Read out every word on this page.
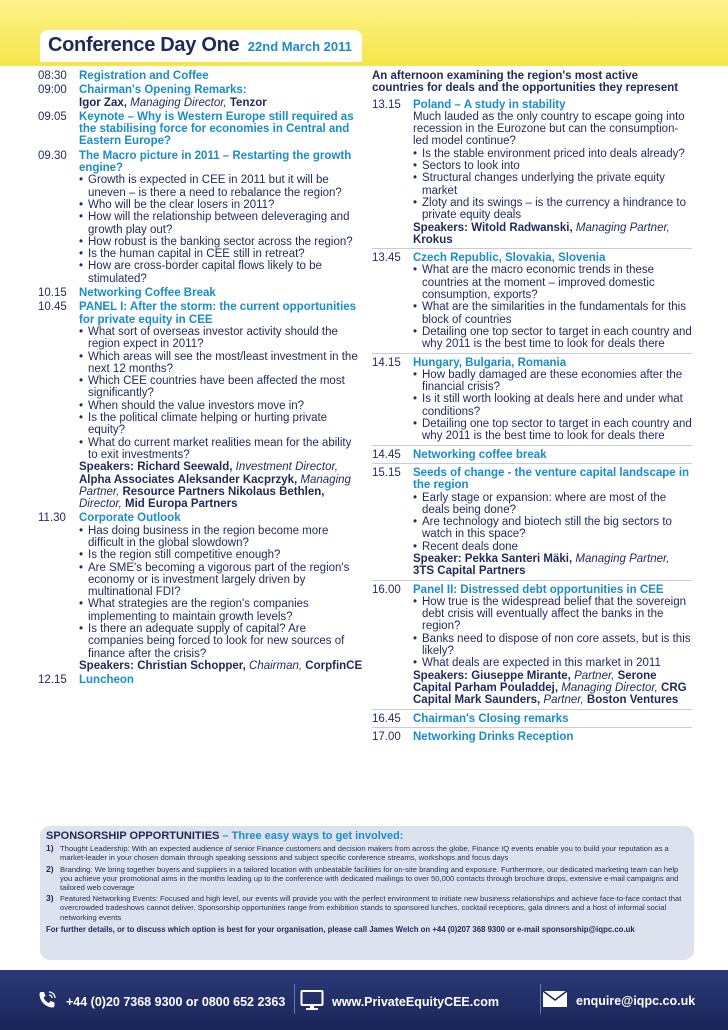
Conference Day One 22nd March 2011
08:30	Registration and Coffee
09:00	Chairman's Opening Remarks:
Igor Zax, Managing Director, Tenzor
09.05	Keynote – Why is Western Europe still required as the stabilising force for economies in Central and Eastern Europe?
09.30	The Macro picture in 2011 – Restarting the growth engine?
• Growth is expected in CEE in 2011 but it will be uneven – is there a need to rebalance the region?
• Who will be the clear losers in 2011?
• How will the relationship between deleveraging and growth play out?
• How robust is the banking sector across the region?
• Is the human capital in CEE still in retreat?
• How are cross-border capital flows likely to be stimulated?
10.15	Networking Coffee Break
10.45	PANEL I: After the storm: the current opportunities for private equity in CEE
• What sort of overseas investor activity should the region expect in 2011?
• Which areas will see the most/least investment in the next 12 months?
• Which CEE countries have been affected the most significantly?
• When should the value investors move in?
• Is the political climate helping or hurting private equity?
• What do current market realities mean for the ability to exit investments?
Speakers: Richard Seewald, Investment Director, Alpha Associates Aleksander Kacprzyk, Managing Partner, Resource Partners Nikolaus Bethlen, Director, Mid Europa Partners
11.30	Corporate Outlook
• Has doing business in the region become more difficult in the global slowdown?
• Is the region still competitive enough?
• Are SME's becoming a vigorous part of the region's economy or is investment largely driven by multinational FDI?
• What strategies are the region's companies implementing to maintain growth levels?
• Is there an adequate supply of capital? Are companies being forced to look for new sources of finance after the crisis?
Speakers: Christian Schopper, Chairman, CorpfinCE
12.15	Luncheon
An afternoon examining the region's most active countries for deals and the opportunities they represent
13.15	Poland – A study in stability
Much lauded as the only country to escape going into recession in the Eurozone but can the consumption-led model continue?
• Is the stable environment priced into deals already?
• Sectors to look into
• Structural changes underlying the private equity market
• Zloty and its swings – is the currency a hindrance to private equity deals
Speakers: Witold Radwanski, Managing Partner, Krokus
13.45	Czech Republic, Slovakia, Slovenia
• What are the macro economic trends in these countries at the moment – improved domestic consumption, exports?
• What are the similarities in the fundamentals for this block of countries
• Detailing one top sector to target in each country and why 2011 is the best time to look for deals there
14.15	Hungary, Bulgaria, Romania
• How badly damaged are these economies after the financial crisis?
• Is it still worth looking at deals here and under what conditions?
• Detailing one top sector to target in each country and why 2011 is the best time to look for deals there
14.45	Networking coffee break
15.15	Seeds of change - the venture capital landscape in the region
• Early stage or expansion: where are most of the deals being done?
• Are technology and biotech still the big sectors to watch in this space?
• Recent deals done
Speaker: Pekka Santeri Mäki, Managing Partner, 3TS Capital Partners
16.00	Panel II: Distressed debt opportunities in CEE
• How true is the widespread belief that the sovereign debt crisis will eventually affect the banks in the region?
• Banks need to dispose of non core assets, but is this likely?
• What deals are expected in this market in 2011
Speakers: Giuseppe Mirante, Partner, Serone Capital Parham Pouladdej, Managing Director, CRG Capital Mark Saunders, Partner, Boston Ventures
16.45	Chairman's Closing remarks
17.00	Networking Drinks Reception
SPONSORSHIP OPPORTUNITIES – Three easy ways to get involved:
1) Thought Leadership: With an expected audience of senior Finance customers and decision makers from across the globe, Finance IQ events enable you to build your reputation as a market-leader in your chosen domain through speaking sessions and subject specific conference streams, workshops and focus days
2) Branding: We bring together buyers and suppliers in a tailored location with unbeatable facilities for on-site branding and exposure. Furthermore, our dedicated marketing team can help you achieve your promotional aims in the months leading up to the conference with dedicated mailings to over 50,000 contacts through brochure drops, extensive e-mail campaigns and tailored web coverage
3) Featured Networking Events: Focused and high level, our events will provide you with the perfect environment to initiate new business relationships and achieve face-to-face contact that overcrowded tradeshows cannot deliver. Sponsorship opportunities range from exhibition stands to sponsored lunches, cocktail receptions, gala dinners and a host of informal social networking events
For further details, or to discuss which option is best for your organisation, please call James Welch on +44 (0)207 368 9300 or e-mail sponsorship@iqpc.co.uk
+44 (0)20 7368 9300 or 0800 652 2363	www.PrivateEquityCEE.com	enquire@iqpc.co.uk
